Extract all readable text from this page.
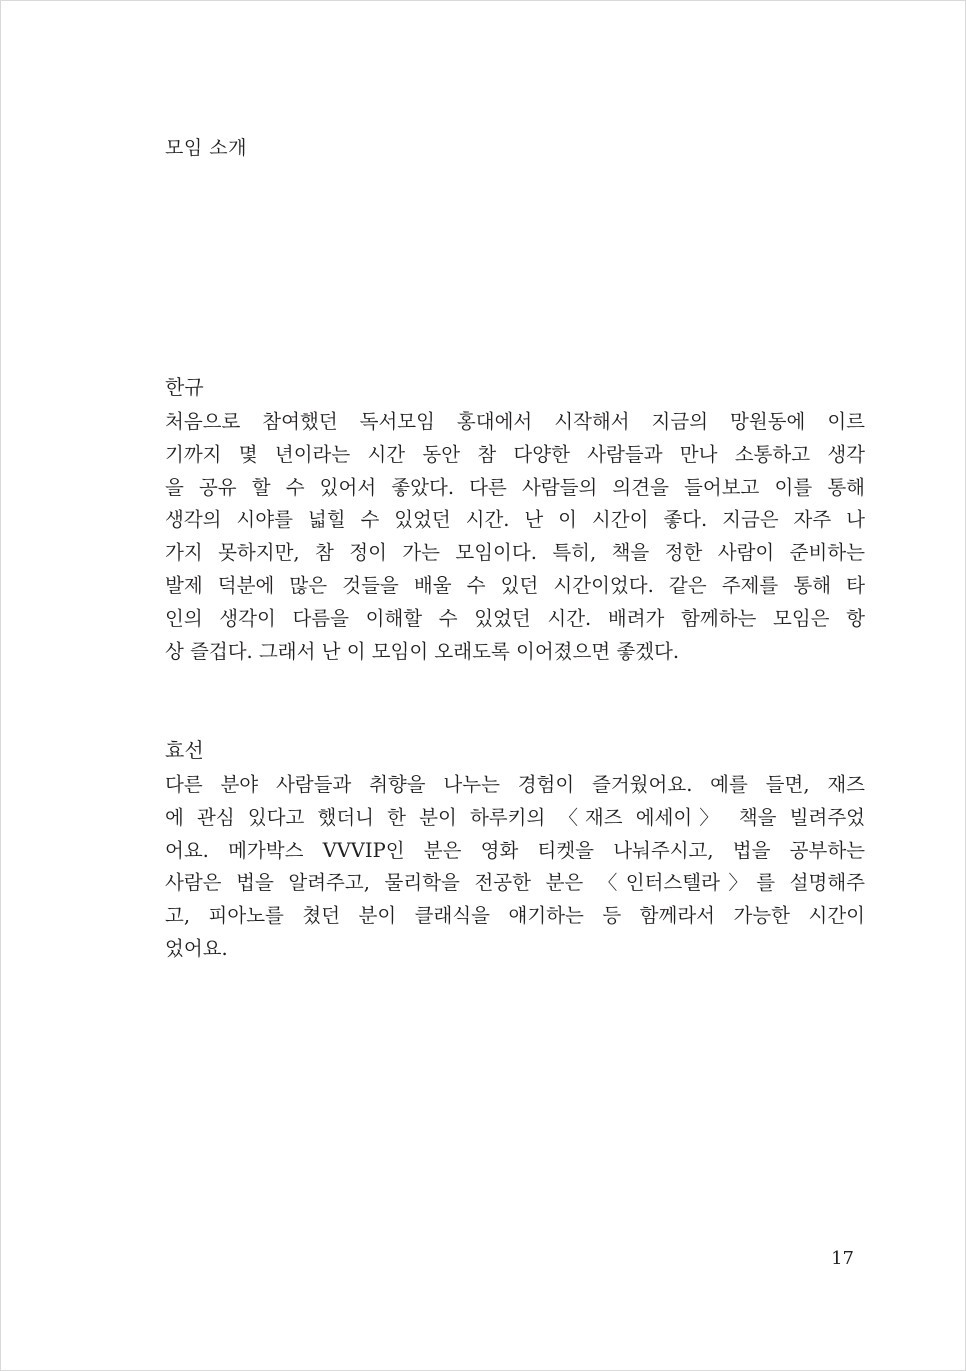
모임 소개
한규

처음으로 참여했던 독서모임 홍대에서 시작해서 지금의 망원동에 이르
기까지 몇 년이라는 시간 동안 참 다양한 사람들과 만나 소통하고 생각
을 공유 할 수 있어서 좋았다. 다른 사람들의 의견을 들어보고 이를 통해
생각의 시야를 넓힐 수 있었던 시간. 난 이 시간이 좋다. 지금은 자주 나
가지 못하지만, 참 정이 가는 모임이다. 특히, 책을 정한 사람이 준비하는
발제 덕분에 많은 것들을 배울 수 있던 시간이었다. 같은 주제를 통해 타
인의 생각이 다름을 이해할 수 있었던 시간. 배려가 함께하는 모임은 항
상 즐겁다. 그래서 난 이 모임이 오래도록 이어졌으면 좋겠다.

효선

다른 분야 사람들과 취향을 나누는 경험이 즐거웠어요. 예를 들면, 재즈
에 관심 있다고 했더니 한 분이 하루키의 〈재즈 에세이〉 책을 빌려주었
어요. 메가박스 VVVIP인 분은 영화 티켓을 나눠주시고, 법을 공부하는
사람은 법을 알려주고, 물리학을 전공한 분은 〈인터스텔라〉를 설명해주
고, 피아노를 쳤던 분이 클래식을 얘기하는 등 함께라서 가능한 시간이
었어요.

17
